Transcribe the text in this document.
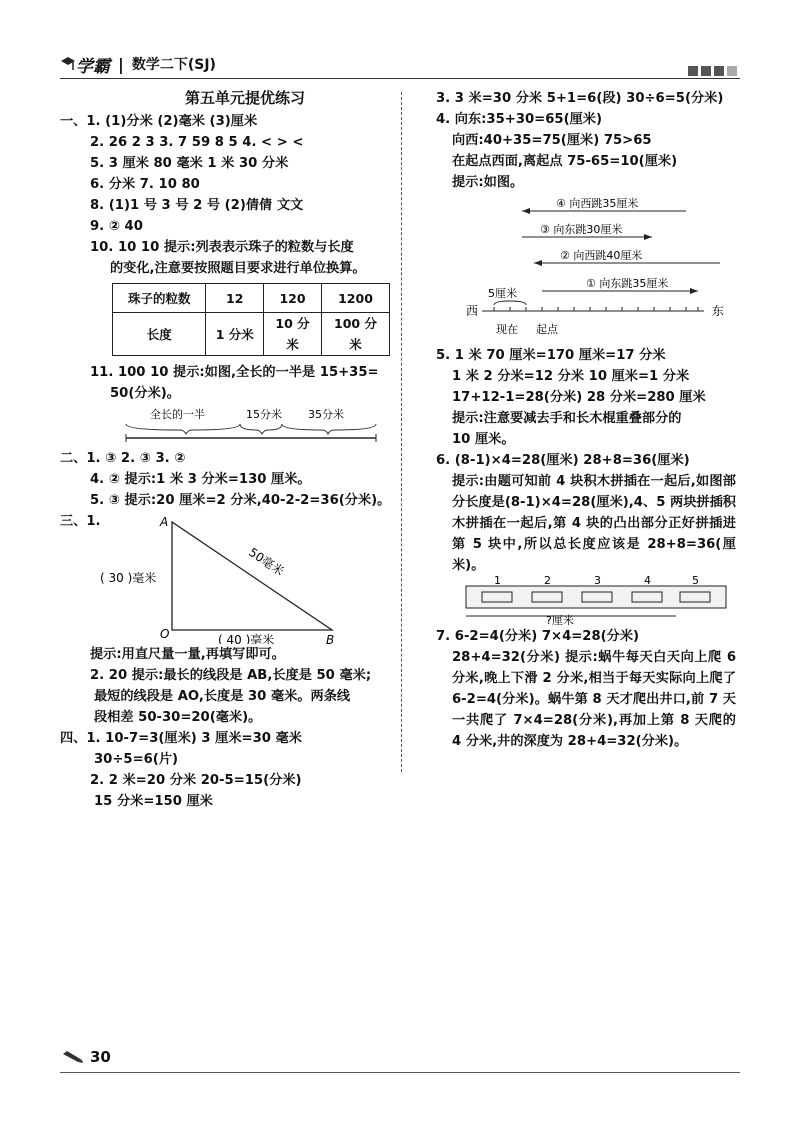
学霸 | 数学二下(SJ)
第五单元提优练习
一、1. (1)分米 (2)毫米 (3)厘米
2. 26 2 3 3. 7 59 8 5 4. < > <
5. 3 厘米 80 毫米 1 米 30 分米
6. 分米 7. 10 80
8. (1)1 号 3 号 2 号 (2)倩倩 文文
9. ② 40
10. 10 10 提示:列表表示珠子的粒数与长度
的变化,注意要按照题目要求进行单位换算。
珠子的粒数	12	120	1200
长度	1 分米	10 分米	100 分米
11. 100 10 提示:如图,全长的一半是 15+35=
50(分米)。
全长的一半	15分米 35分米
二、1. ③ 2. ③ 3. ②
4. ② 提示:1 米 3 分米=130 厘米。
5. ③ 提示:20 厘米=2 分米,40-2-2=36(分米)。
三、1.	A
O	B
( 30 )毫米
( 40 )毫米
50毫米
提示:用直尺量一量,再填写即可。
2. 20 提示:最长的线段是 AB,长度是 50 毫米;
最短的线段是 AO,长度是 30 毫米。两条线
段相差 50-30=20(毫米)。
四、1. 10-7=3(厘米) 3 厘米=30 毫米
30÷5=6(片)
2. 2 米=20 分米 20-5=15(分米)
15 分米=150 厘米
3. 3 米=30 分米 5+1=6(段) 30÷6=5(分米)
4. 向东:35+30=65(厘米)
向西:40+35=75(厘米) 75>65
在起点西面,离起点 75-65=10(厘米)
提示:如图。
④ 向西跳35厘米
③ 向东跳30厘米
② 向西跳40厘米
① 向东跳35厘米
西	东
5厘米
现在 起点
5. 1 米 70 厘米=170 厘米=17 分米
1 米 2 分米=12 分米 10 厘米=1 分米
17+12-1=28(分米) 28 分米=280 厘米
提示:注意要减去手和长木棍重叠部分的
10 厘米。
6. (8-1)×4=28(厘米) 28+8=36(厘米)
提示:由题可知前 4 块积木拼插在一起后,如图部分长度是(8-1)×4=28(厘米),4、5 两块拼插积木拼插在一起后,第 4 块的凸出部分正好拼插进第 5 块中,所以总长度应该是 28+8=36(厘米)。
1	2	3	4	5
?厘米
7. 6-2=4(分米) 7×4=28(分米)
28+4=32(分米) 提示:蜗牛每天白天向上爬 6 分米,晚上下滑 2 分米,相当于每天实际向上爬了 6-2=4(分米)。蜗牛第 8 天才爬出井口,前 7 天一共爬了 7×4=28(分米),再加上第 8 天爬的 4 分米,井的深度为 28+4=32(分米)。
30
